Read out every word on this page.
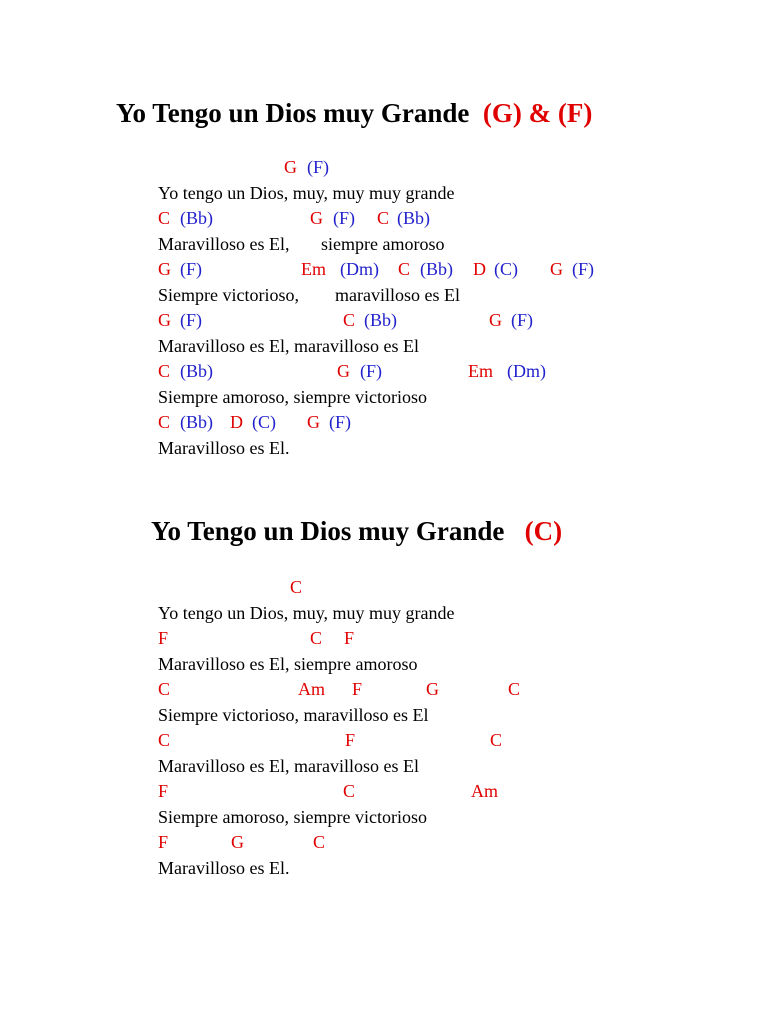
Yo Tengo un Dios muy Grande (G) & (F)
G (F)
Yo tengo un Dios, muy, muy muy grande
C (Bb)	G (F) C (Bb)
Maravilloso es El,       siempre amoroso
G (F)	Em (Dm) C (Bb) D (C) G (F)
Siempre victorioso,        maravilloso es El
G (F)	C (Bb)	G (F)
Maravilloso es El, maravilloso es El
C (Bb)	G (F)	Em (Dm)
Siempre amoroso, siempre victorioso
C (Bb) D (C) G (F)
Maravilloso es El.
Yo Tengo un Dios muy Grande (C)
C
Yo tengo un Dios, muy, muy muy grande
F	C F
Maravilloso es El, siempre amoroso
C	Am F	G	C
Siempre victorioso, maravilloso es El
C	F	C
Maravilloso es El, maravilloso es El
F	C	Am
Siempre amoroso, siempre victorioso
F	G	C
Maravilloso es El.
